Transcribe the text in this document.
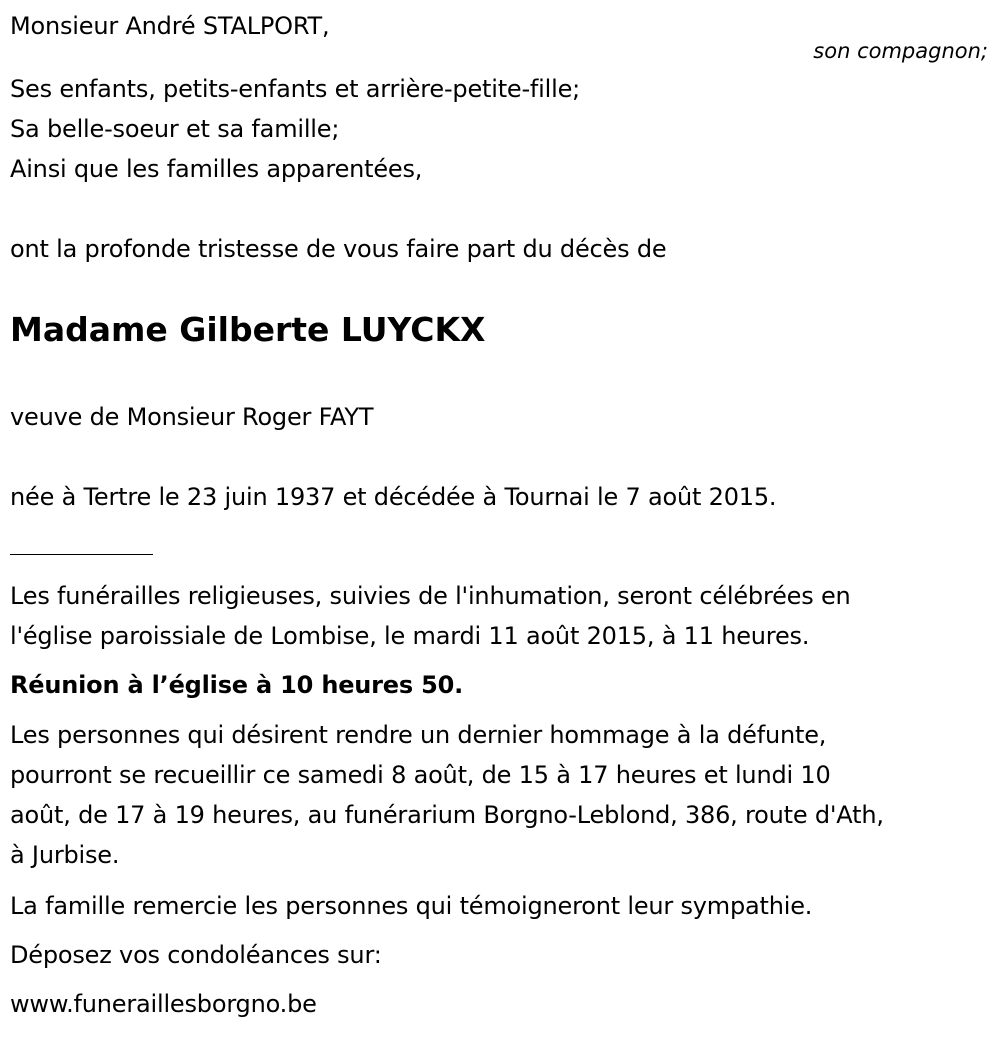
Monsieur André STALPORT,
son compagnon;
Ses enfants, petits-enfants et arrière-petite-fille;
Sa belle-soeur et sa famille;
Ainsi que les familles apparentées,
ont la profonde tristesse de vous faire part du décès de
Madame Gilberte LUYCKX
veuve de Monsieur Roger FAYT
née à Tertre le 23 juin 1937 et décédée à Tournai le 7 août 2015.
Les funérailles religieuses, suivies de l'inhumation, seront célébrées en
l'église paroissiale de Lombise, le mardi 11 août 2015, à 11 heures.
Réunion à l’église à 10 heures 50.
Les personnes qui désirent rendre un dernier hommage à la défunte,
pourront se recueillir ce samedi 8 août, de 15 à 17 heures et lundi 10
août, de 17 à 19 heures, au funérarium Borgno-Leblond, 386, route d'Ath,
à Jurbise.
La famille remercie les personnes qui témoigneront leur sympathie.
Déposez vos condoléances sur:
www.funeraillesborgno.be
